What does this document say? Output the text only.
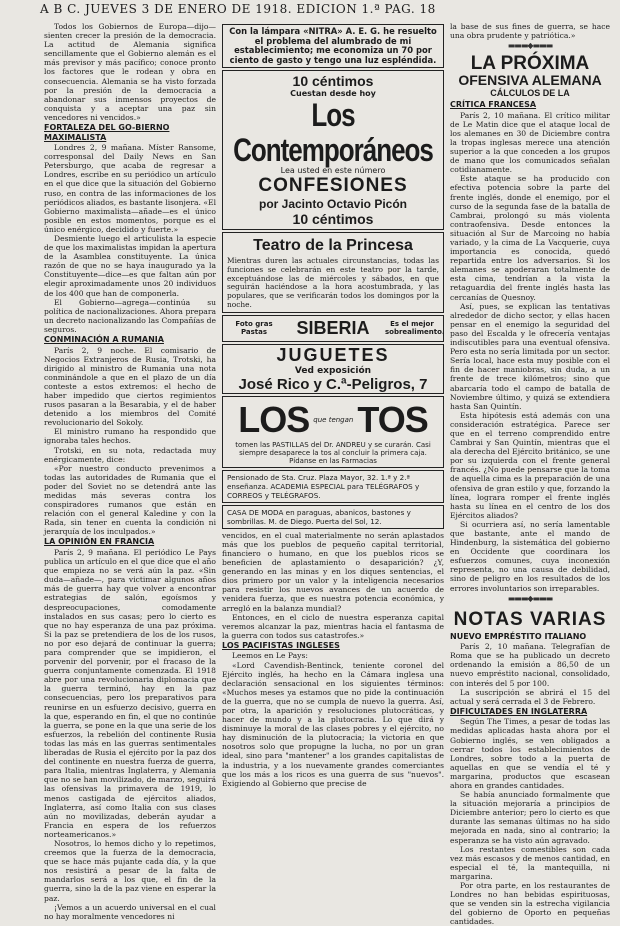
A B C. JUEVES 3 DE ENERO DE 1918. EDICION 1.ª PAG. 18

Todos los Gobiernos de Europa—dijo—sienten crecer la presión de la democracia. La actitud de Alemania significa sencillamente que el Gobierno alemán es el más previsor y más pacífico; conoce pronto los factores que le rodean y obra en consecuencia. Alemania se ha visto forzada por la presión de la democracia a abandonar sus inmensos proyectos de conquista y a aceptar una paz sin vencedores ni vencidos.»

FORTALEZA DEL GO-BIERNO MAXIMALISTA

Londres 2, 9 mañana. Míster Ransome, corresponsal del Daily News en San Petersburgo, que acaba de regresar a Londres, escribe en su periódico un artículo en el que dice que la situación del Gobierno ruso, en contra de las informaciones de los periódicos aliados, es bastante lisonjera. «El Gobierno maximalista—añade—es el único posible en estos momentos, porque es el único enérgico, decidido y fuerte.»

Desmiente luego el articulista la especie de que los maximalistas impidan la apertura de la Asamblea constituyente. La única razón de que no se haya inaugurado ya la Constituyente—dice—es que faltan aún por elegir aproximadamente unos 20 individuos de los 400 que han de componerla.

El Gobierno—agrega—continúa su política de nacionalizaciones. Ahora prepara un decreto nacionalizando las Compañías de seguros.

CONMINACIÓN A RUMANIA

París 2, 9 noche. El comisario de Negocios Extranjeros de Rusia, Trotski, ha dirigido al ministro de Rumania una nota conminándole a que en el plazo de un día conteste a estos extremos: el hecho de haber impedido que ciertos regimientos rusos pasaran a la Besarabia, y el de haber detenido a los miembros del Comité revolucionario del Sokoly.

El ministro rumano ha respondido que ignoraba tales hechos.

Trotski, en su nota, redactada muy enérgicamente, dice:

«Por nuestro conducto prevenimos a todas las autoridades de Rumania que el poder del Soviet no se detendrá ante las medidas más severas contra los conspiradores rumanos que están en relación con el general Kaledine y con la Rada, sin tener en cuenta la condición ni jerarquía de los inculpados.»

LA OPINIÓN EN FRANCIA

París 2, 9 mañana. El periódico Le Pays publica un artículo en el que dice que el año que empieza no se verá aún la paz. «Sin duda—añade—, para victimar algunos años más de guerra hay que volver a encontrar estrategias de salón, egoísmos y despreocupaciones, comodamente instalados en sus casas; pero lo cierto es que no hay esperanza de una paz próxima. Si la paz se pretendiera de los de los rusos, no por eso dejará de continuar la guerra; para comprender que se impidieron, el porvenir del porvenir, por el fracaso de la guerra conjuntamente comenzada. El 1918 abre por una revolucionaria diplomacia que la guerra terminó, hay en la paz consecuencias, pero los preparativos para reunirse en un esfuerzo decisivo, guerra en la que, esperando en fin, el que no continúe la guerra, se pone en la que una serie de los esfuerzos, la rebelión del continente Rusia todas las más en las guerras sentimentales liberadas de Rusia el ejército por la paz dos del continente en nuestra fuerza de guerra, para Italia, mientras Inglaterra, y Alemania que no se han movilizado, de marzo, seguirá las ofensivas la primavera de 1919, lo menos castigada de ejércitos aliados, Inglaterra, así como Italia con sus clases aún no movilizadas, deberán ayudar a Francia en espera de los refuerzos norteamericanos.»

Nosotros, lo hemos dicho y lo repetimos, creemos que la fuerza de la democracia, que se hace más pujante cada día, y la que nos resistirá a pesar de la falta de mandarlos será a los que, el fin de la guerra, sino la de la paz viene en esperar la paz.

¡Vemos a un acuerdo universal en el cual no hay moralmente vencedores ni

Con la lámpara «NITRA» A. E. G. he resuelto el problema del alumbrado de mi establecimiento; me economiza un 70 por ciento de gasto y tengo una luz espléndida.
10 céntimos
Cuestan desde hoy
Los Contemporáneos
Lea usted en este número
CONFESIONES
por Jacinto Octavio Picón
10 céntimos
Teatro de la Princesa
Mientras duren las actuales circunstancias, todas las funciones se celebrarán en este teatro por la tarde, exceptuándose las de miércoles y sábados, en que seguirán haciéndose a la hora acostumbrada, y las populares, que se verificarán todos los domingos por la noche.
Foto gras Pastas	SIBERIA	Es el mejor sobrealimento.
JUGUETES
Ved exposición
José Rico y C.ª-Peligros, 7
LOS que tengan TOS
tomen las PASTILLAS del Dr. ANDREU y se curarán. Casi siempre desaparece la tos al concluir la primera caja. Pídanse en las Farmacias
Pensionado de Sta. Cruz. Plaza Mayor, 32. 1.ª y 2.ª enseñanza. ACADEMIA ESPECIAL para TELÉGRAFOS y CORREOS y TELÉGRAFOS.
CASA DE MODA en paraguas, abanicos, bastones y sombrillas. M. de Diego. Puerta del Sol, 12.

vencidos, en el cual materialmente no serán aplastados más que los pueblos de pequeño capital territorial, financiero o humano, en que los pueblos ricos se beneficien de aplastamiento o desaparición? ¿Y, generando en las minas y en los diques sentencias, el dios primero por un valor y la inteligencia necesarios para resistir los nuevos avances de un acuerdo de venidera fuerza, que es nuestra potencia económica, y arregló en la balanza mundial?

Entonces, en el ciclo de nuestra esperanza capital veremos alcanzar la paz, mientras hacia el fantasma de la guerra con todos sus catastrofes.»

LOS PACIFISTAS INGLESES

Leemos en Le Pays:

«Lord Cavendish-Bentinck, teniente coronel del Ejército inglés, ha hecho en la Cámara inglesa una declaración sensacional en los siguientes términos: «Muchos meses ya estamos que no pide la continuación de la guerra, que no se cumpla de nuevo la guerra. Así, por otra, la aparición y resoluciones plutocráticas, y hacer de mundo y a la plutocracia. Lo que dirá y disminuye la moral de las clases pobres y el ejército, no hay disminución de la plutocracia; la victoria en que nosotros solo que propugne la lucha, no por un gran ideal, sino para "mantener" a los grandes capitalistas de la industria, y a los nuevamente grandes comerciantes que los más a los ricos es una guerra de sus "nuevos". Exigiendo al Gobierno que precise de

la base de sus fines de guerra, se hace una obra prudente y patriótica.»

▬▬▬◆▬▬▬
LA PRÓXIMA
OFENSIVA ALEMANA
CÁLCULOS DE LA
CRÍTICA FRANCESA

París 2, 10 mañana. El crítico militar de Le Matin dice que el ataque local de los alemanes en 30 de Diciembre contra la tropas inglesas merece una atención superior a la que conceden a los grupos de mano que los comunicados señalan cotidianamente.

Este ataque se ha producido con efectiva potencia sobre la parte del frente inglés, donde el enemigo, por el curso de la segunda fase de la batalla de Cambrai, prolongó su más violenta contraofensiva. Desde entonces la situación al Sur de Marcoing no había variado, y la cima de La Vacquerie, cuya importancia es conocida, quedó repartida entre los adversarios. Si los alemanes se apoderaran totalmente de esta cima, tendrían a la vista la retaguardia del frente inglés hasta las cercanías de Quesnoy.

Así, pues, se explican las tentativas alrededor de dicho sector, y ellas hacen pensar en el enemigo la seguridad del paso del Escalda y le ofrecería ventajas indiscutibles para una eventual ofensiva. Pero esta no sería limitada por un sector. Sería local, hace esta muy posible con el fin de hacer maniobras, sin duda, a un frente de trece kilómetros; sino que abarcaría todo el campo de batalla de Noviembre último, y quizá se extendiera hasta San Quintín.

Esta hipótesis está además con una consideración estratégica. Parece ser que en el terreno comprendido entre Cambrai y San Quintín, mientras que el ala derecha del Ejército británico, se une por su izquierda con el frente general francés. ¿No puede pensarse que la toma de aquella cima es la preparación de una ofensiva de gran estilo y que, forzando la línea, lograra romper el frente inglés hasta su línea en el centro de los dos Ejércitos aliados?

Si ocurriera así, no sería lamentable que bastante, ante el mando de Hindenburg, la sistemática del gobierno en Occidente que coordinara los esfuerzos comunes, cuya inconexión representa, no una causa de debilidad, sino de peligro en los resultados de los errores involuntarios son irreparables.

▬▬▬◆▬▬▬
NOTAS VARIAS
NUEVO EMPRÉSTITO ITALIANO

París 2, 10 mañana. Telegrafían de Roma que se ha publicado un decreto ordenando la emisión a 86,50 de un nuevo empréstito nacional, consolidado, con interés del 5 por 100.

La suscripción se abrirá el 15 del actual y será cerrada el 3 de Febrero.

DIFICULTADES EN INGLATERRA

Según The Times, a pesar de todas las medidas aplicadas hasta ahora por el Gobierno inglés, se ven obligados a cerrar todos los establecimientos de Londres, sobre todo a la puerta de aquellas en que se vendía el té y margarina, productos que escasean ahora en grandes cantidades.

Se había anunciado formalmente que la situación mejoraría a principios de Diciembre anterior; pero lo cierto es que durante las semanas últimas no ha sido mejorada en nada, sino al contrario; la esperanza se ha visto aún agravado.

Los restantes comestibles son cada vez más escasos y de menos cantidad, en especial el té, la mantequilla, ni margarina.

Por otra parte, en los restaurantes de Londres no han bebidas espirituosas, que se venden sin la estrecha vigilancia del gobierno de Oporto en pequeñas cantidades.
